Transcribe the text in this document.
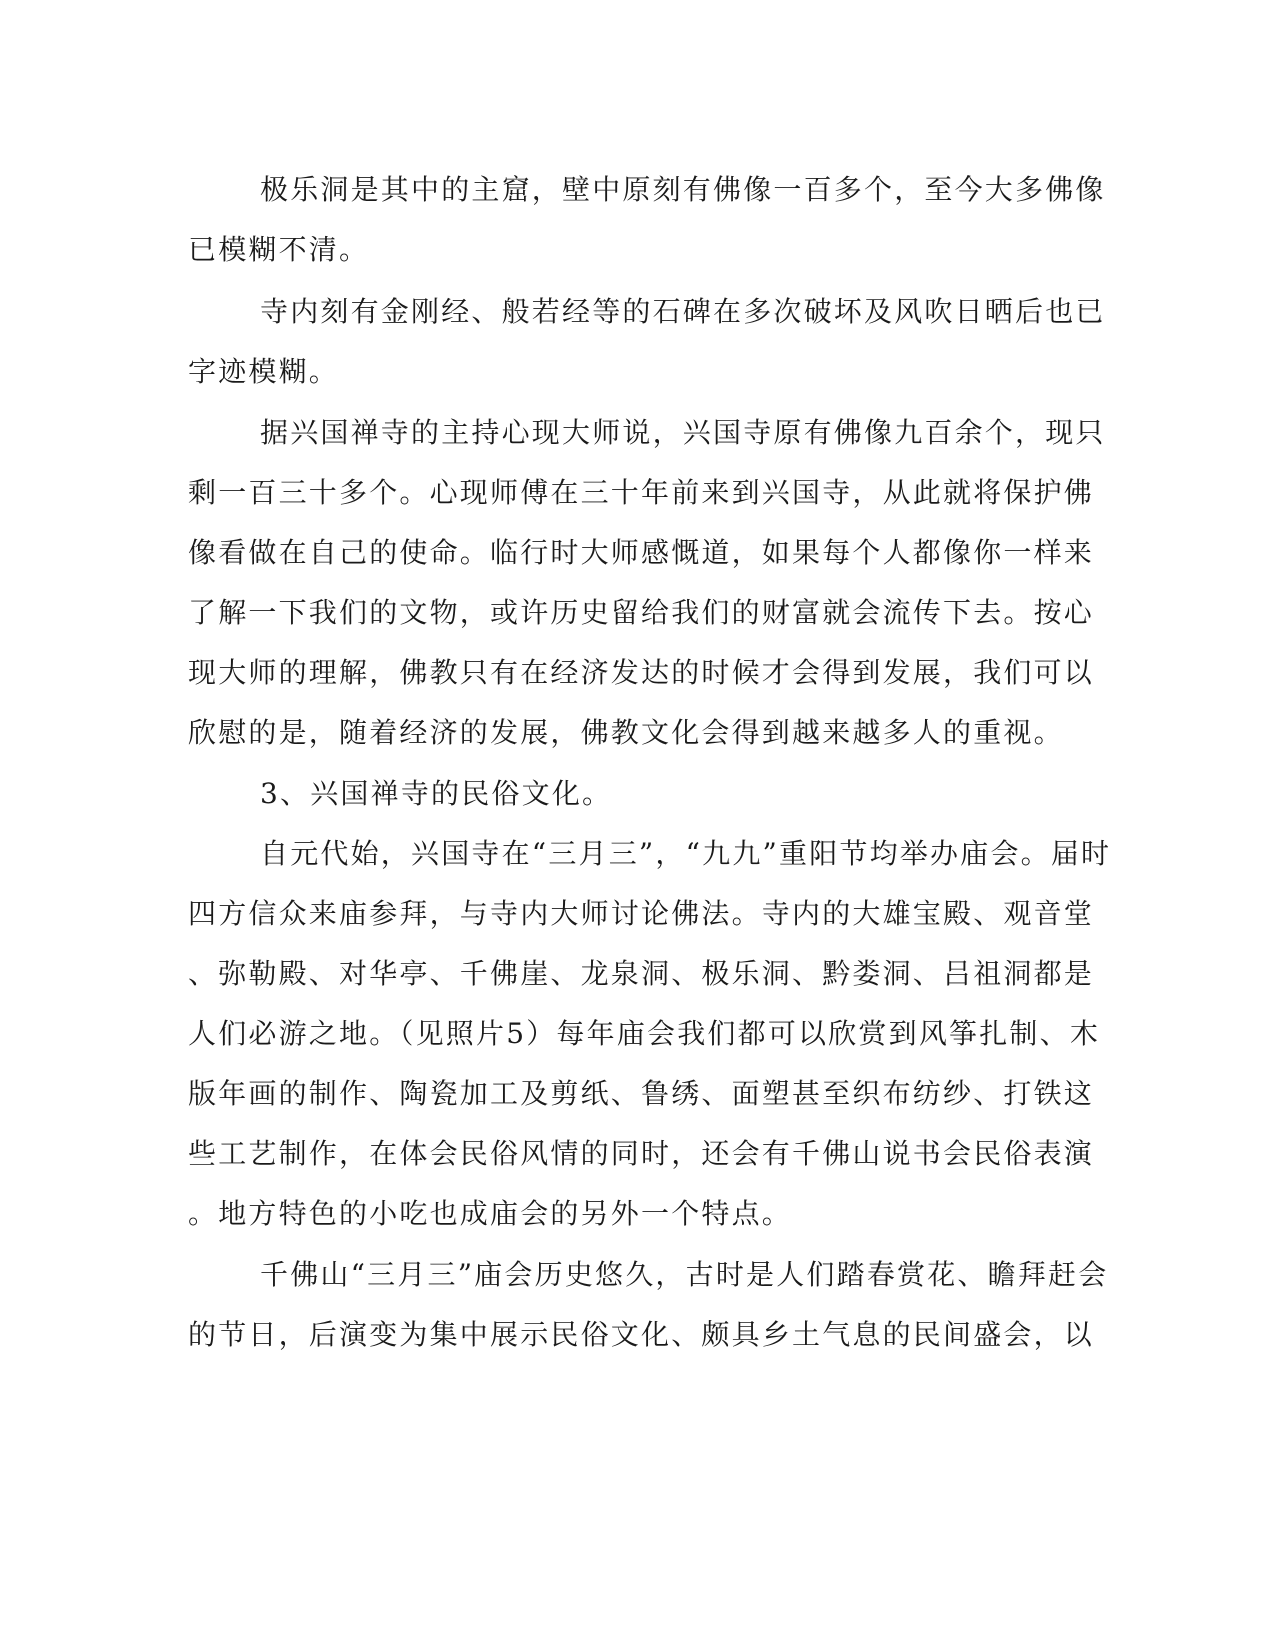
极乐洞是其中的主窟，壁中原刻有佛像一百多个，至今大多佛像

已模糊不清。

寺内刻有金刚经、般若经等的石碑在多次破坏及风吹日晒后也已

字迹模糊。

据兴国禅寺的主持心现大师说，兴国寺原有佛像九百余个，现只

剩一百三十多个。心现师傅在三十年前来到兴国寺，从此就将保护佛

像看做在自己的使命。临行时大师感慨道，如果每个人都像你一样来

了解一下我们的文物，或许历史留给我们的财富就会流传下去。按心

现大师的理解，佛教只有在经济发达的时候才会得到发展，我们可以

欣慰的是，随着经济的发展，佛教文化会得到越来越多人的重视。

3、兴国禅寺的民俗文化。

自元代始，兴国寺在“三月三”，“九九”重阳节均举办庙会。届时

四方信众来庙参拜，与寺内大师讨论佛法。寺内的大雄宝殿、观音堂

、弥勒殿、对华亭、千佛崖、龙泉洞、极乐洞、黔娄洞、吕祖洞都是

人们必游之地。（见照片5）每年庙会我们都可以欣赏到风筝扎制、木

版年画的制作、陶瓷加工及剪纸、鲁绣、面塑甚至织布纺纱、打铁这

些工艺制作，在体会民俗风情的同时，还会有千佛山说书会民俗表演

。地方特色的小吃也成庙会的另外一个特点。

千佛山“三月三”庙会历史悠久，古时是人们踏春赏花、瞻拜赶会

的节日，后演变为集中展示民俗文化、颇具乡土气息的民间盛会，以
